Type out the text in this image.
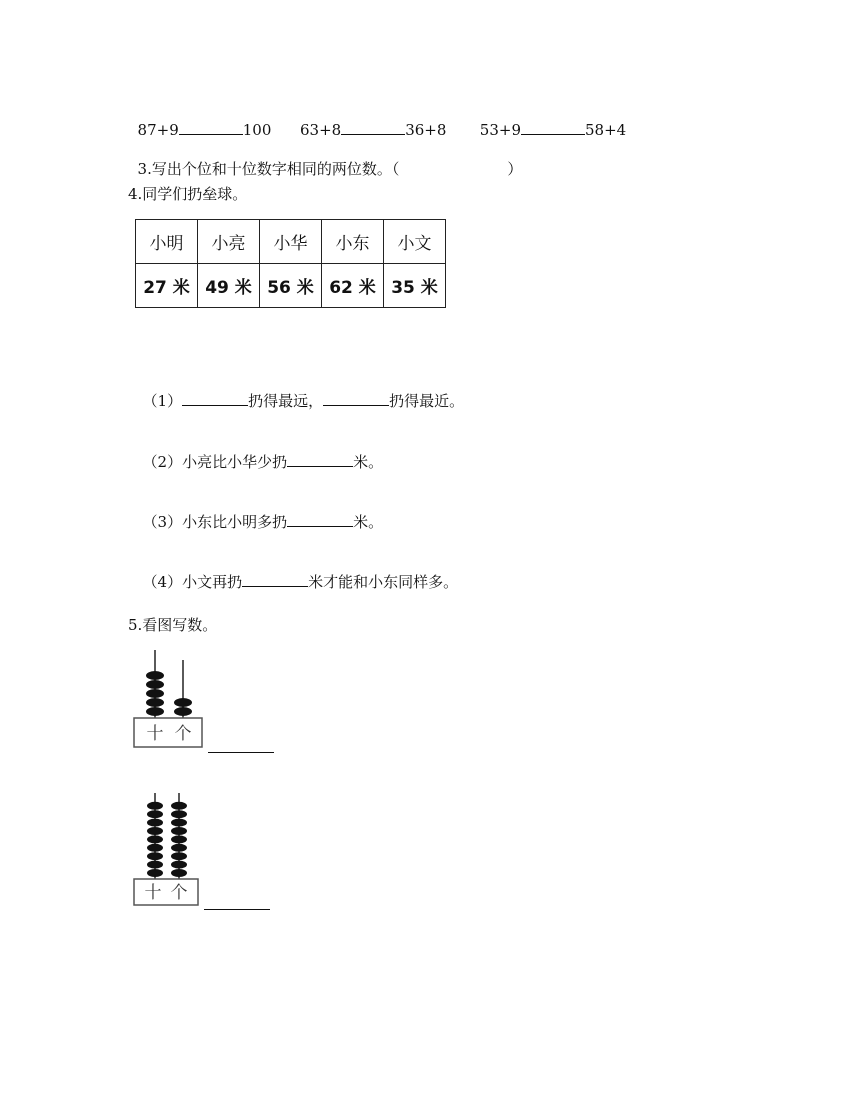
87+9	100 63+8	36+8 53+9	58+4

3.写出个位和十位数字相同的两位数。（	）

4.同学们扔垒球。
小明	小亮	小华	小东	小文
27 米	49 米	56 米	62 米	35 米

（1）	扔得最远，	扔得最近。

（2）小亮比小华少扔	米。

（3）小东比小明多扔	米。

（4）小文再扔	米才能和小东同样多。

5.看图写数。
十 个
十 个
